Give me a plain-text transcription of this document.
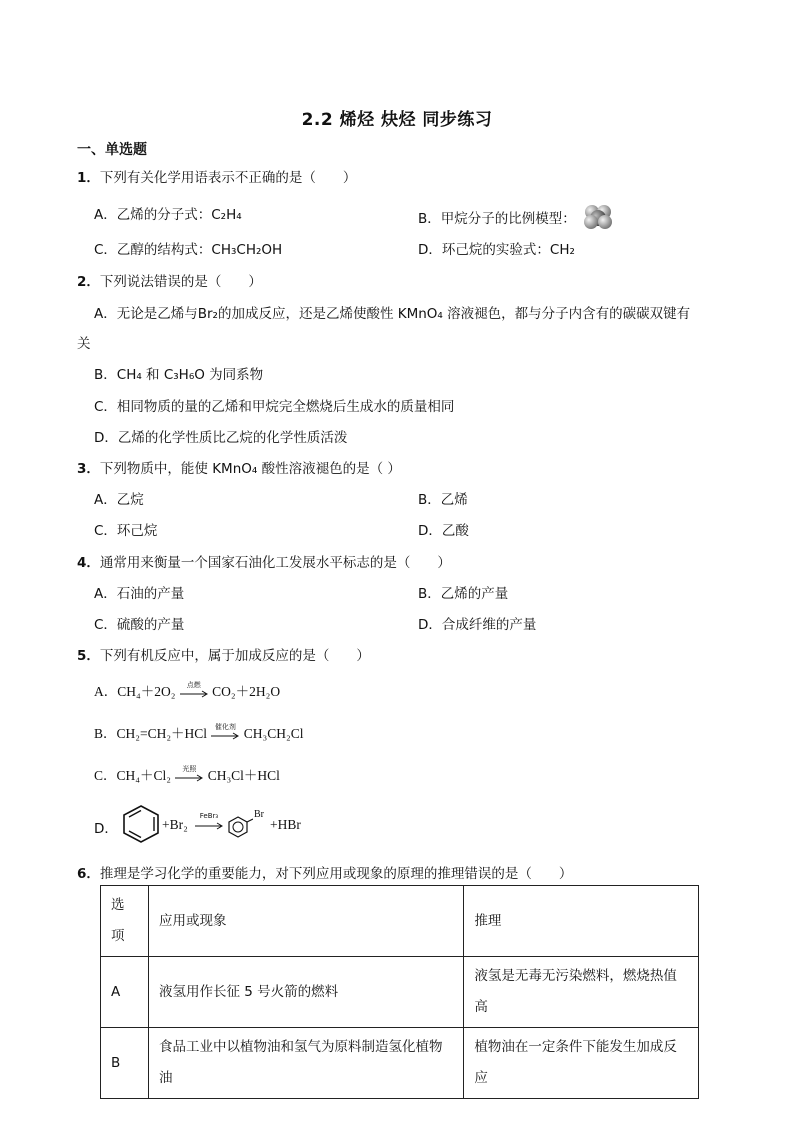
2.2 烯烃 炔烃 同步练习
一、单选题
1．下列有关化学用语表示不正确的是（　　）
A．乙烯的分子式：C₂H₄	B．甲烷分子的比例模型：
C．乙醇的结构式：CH₃CH₂OH	D．环己烷的实验式：CH₂
2．下列说法错误的是（　　）
A．无论是乙烯与Br₂的加成反应，还是乙烯使酸性 KMnO₄ 溶液褪色，都与分子内含有的碳碳双键有
关
B．CH₄ 和 C₃H₆O 为同系物
C．相同物质的量的乙烯和甲烷完全燃烧后生成水的质量相同
D．乙烯的化学性质比乙烷的化学性质活泼
3．下列物质中，能使 KMnO₄ 酸性溶液褪色的是（ ）
A．乙烷	B．乙烯
C．环己烷	D．乙酸
4．通常用来衡量一个国家石油化工发展水平标志的是（　　）
A．石油的产量	B．乙烯的产量
C．硫酸的产量	D．合成纤维的产量
5．下列有机反应中，属于加成反应的是（　　）
A．CH₄＋2O₂	点燃 CO₂＋2H₂O
B．CH₂=CH₂＋HCl	催化剂 CH₃CH₂Cl
C．CH₄＋Cl₂	光照 CH₃Cl＋HCl
D．	+Br₂
FeBr₃	Br
+HBr
6．推理是学习化学的重要能力，对下列应用或现象的原理的推理错误的是（　　）
选项	应用或现象	推理
A	液氢用作长征 5 号火箭的燃料	液氢是无毒无污染燃料，燃烧热值高
B	食品工业中以植物油和氢气为原料制造氢化植物油	植物油在一定条件下能发生加成反应
